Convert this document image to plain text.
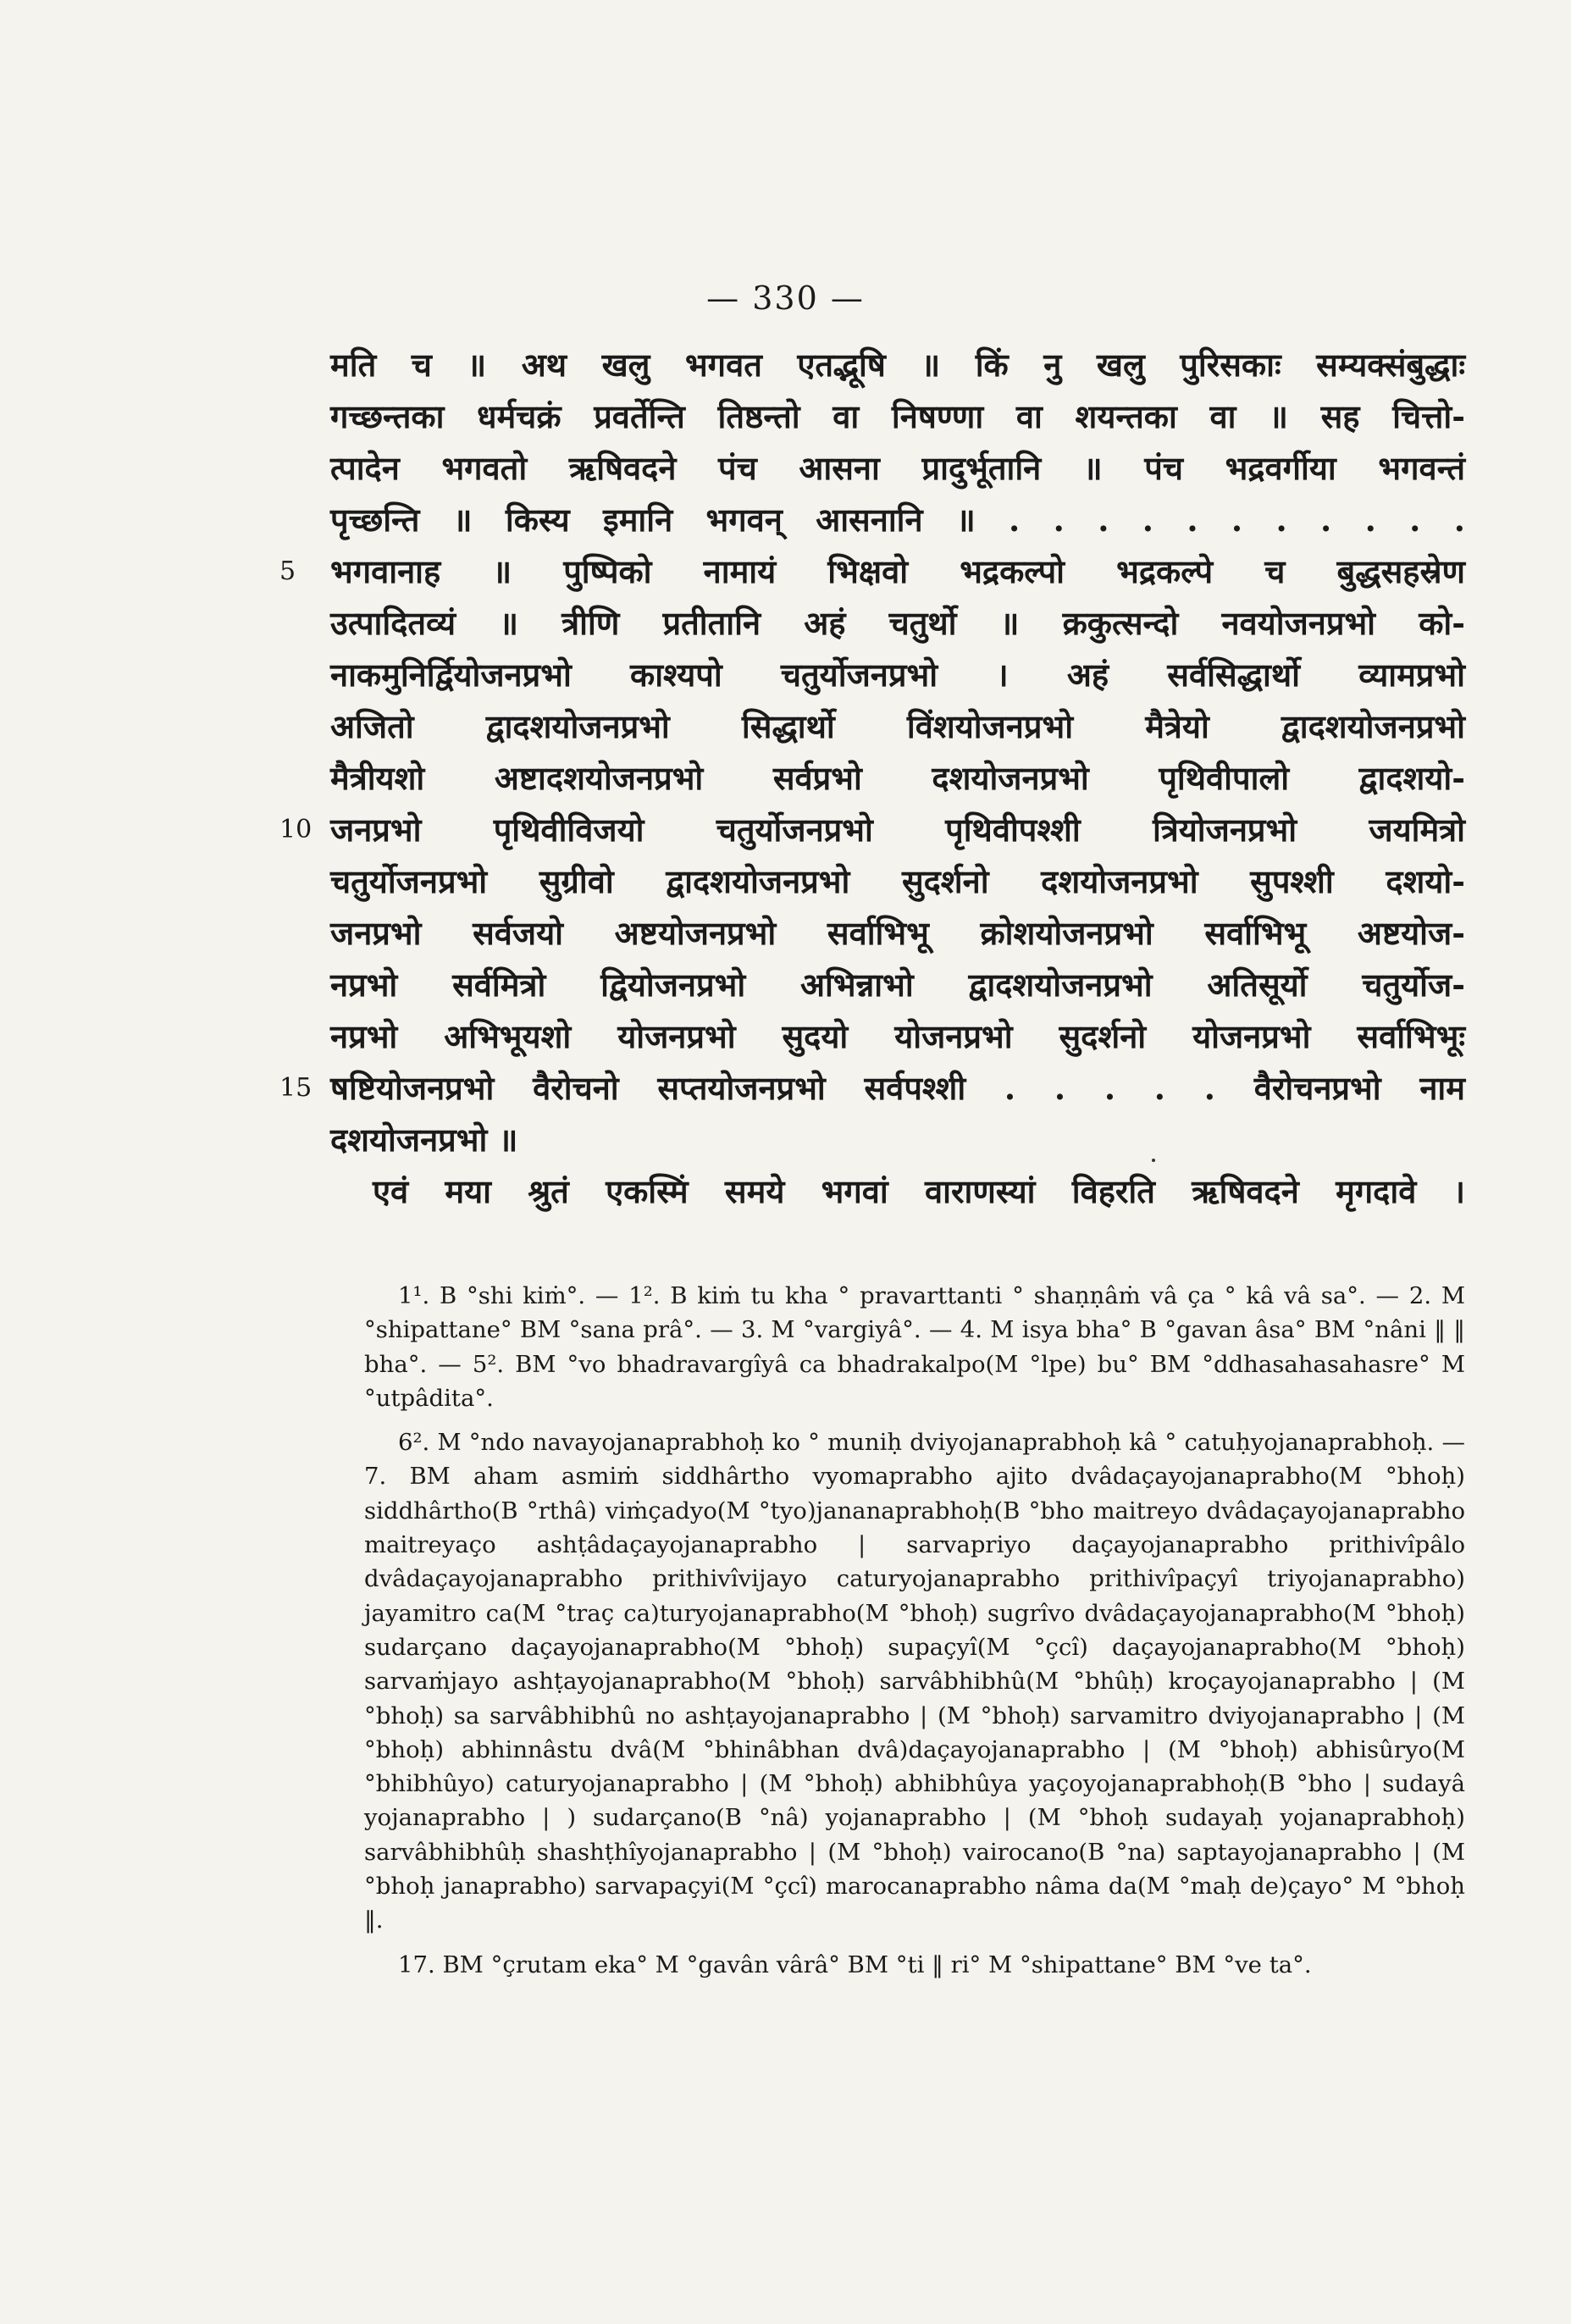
— 330 —
मति च ॥ अथ खलु भगवत एतद्भूषि ॥ किं नु खलु पुरिसकाः सम्यक्संबुद्धाः
गच्छन्तका धर्मचक्रं प्रवर्तेन्ति तिष्ठन्तो वा निषण्णा वा शयन्तका वा ॥ सह चित्तो-
त्पादेन भगवतो ऋषिवदने पंच आसना प्रादुर्भूतानि ॥ पंच भद्रवर्गीया भगवन्तं
पृच्छन्ति ॥ किस्य इमानि भगवन् आसनानि ॥ . . . . . . . . . . .
5	भगवानाह ॥ पुष्पिको नामायं भिक्षवो भद्रकल्पो भद्रकल्पे च बुद्धसहस्रेण
उत्पादितव्यं ॥ त्रीणि प्रतीतानि अहं चतुर्थो ॥ क्रकुत्सन्दो नवयोजनप्रभो को-
नाकमुनिर्द्वियोजनप्रभो काश्यपो चतुर्योजनप्रभो । अहं सर्वसिद्धार्थो व्यामप्रभो
अजितो द्वादशयोजनप्रभो सिद्धार्थो विंशयोजनप्रभो मैत्रेयो द्वादशयोजनप्रभो
मैत्रीयशो अष्टादशयोजनप्रभो सर्वप्रभो दशयोजनप्रभो पृथिवीपालो द्वादशयो-
10 जनप्रभो पृथिवीविजयो चतुर्योजनप्रभो पृथिवीपश्शी त्रियोजनप्रभो जयमित्रो
चतुर्योजनप्रभो सुग्रीवो द्वादशयोजनप्रभो सुदर्शनो दशयोजनप्रभो सुपश्शी दशयो-
जनप्रभो सर्वजयो अष्टयोजनप्रभो सर्वाभिभू क्रोशयोजनप्रभो सर्वाभिभू अष्टयोज-
नप्रभो सर्वमित्रो द्वियोजनप्रभो अभिन्नाभो द्वादशयोजनप्रभो अतिसूर्यो चतुर्योज-
नप्रभो अभिभूयशो योजनप्रभो सुदयो योजनप्रभो सुदर्शनो योजनप्रभो सर्वाभिभूः
15 षष्टियोजनप्रभो वैरोचनो सप्तयोजनप्रभो सर्वपश्शी . . . . . वैरोचनप्रभो नाम
दशयोजनप्रभो ॥
एवं मया श्रुतं एकस्मिं समये भगवां वाराणस्यां विहरति ऋषिवदने मृगदावे ।

1¹. B °shi kiṁ°. — 1². B kiṁ tu kha ° pravarttanti ° shaṇṇâṁ vâ ça ° kâ vâ sa°. — 2. M °shipattane° BM °sana prâ°. — 3. M °vargiyâ°. — 4. M isya bha° B °gavan âsa° BM °nâni ‖ ‖ bha°. — 5². BM °vo bhadravargîyâ ca bhadrakalpo(M °lpe) bu° BM °ddhasahasahasre° M °utpâdita°.

6². M °ndo navayojanaprabhoḥ ko ° muniḥ dviyojanaprabhoḥ kâ ° catuḥyojanaprabhoḥ. — 7. BM aham asmiṁ siddhârtho vyomaprabho ajito dvâdaçayojanaprabho(M °bhoḥ) siddhârtho(B °rthâ) viṁçadyo(M °tyo)jananaprabhoḥ(B °bho maitreyo dvâdaçayojanaprabho maitreyaço ashṭâdaçayojanaprabho | sarvapriyo daçayojanaprabho prithivîpâlo dvâdaçayojanaprabho prithivîvijayo caturyojanaprabho prithivîpaçyî triyojanaprabho) jayamitro ca(M °traç ca)turyojanaprabho(M °bhoḥ) sugrîvo dvâdaçayojanaprabho(M °bhoḥ) sudarçano daçayojanaprabho(M °bhoḥ) supaçyî(M °çcî) daçayojanaprabho(M °bhoḥ) sarvaṁjayo ashṭayojanaprabho(M °bhoḥ) sarvâbhibhû(M °bhûḥ) kroçayojanaprabho | (M °bhoḥ) sa sarvâbhibhû no ashṭayojanaprabho | (M °bhoḥ) sarvamitro dviyojanaprabho | (M °bhoḥ) abhinnâstu dvâ(M °bhinâbhan dvâ)daçayojanaprabho | (M °bhoḥ) abhisûryo(M °bhibhûyo) caturyojanaprabho | (M °bhoḥ) abhibhûya yaçoyojanaprabhoḥ(B °bho | sudayâ yojanaprabho | ) sudarçano(B °nâ) yojanaprabho | (M °bhoḥ sudayaḥ yojanaprabhoḥ) sarvâbhibhûḥ shashṭhîyojanaprabho | (M °bhoḥ) vairocano(B °na) saptayojanaprabho | (M °bhoḥ janaprabho) sarvapaçyi(M °çcî) marocanaprabho nâma da(M °maḥ de)çayo° M °bhoḥ ‖.

17. BM °çrutam eka° M °gavân vârâ° BM °ti ‖ ri° M °shipattane° BM °ve ta°.
